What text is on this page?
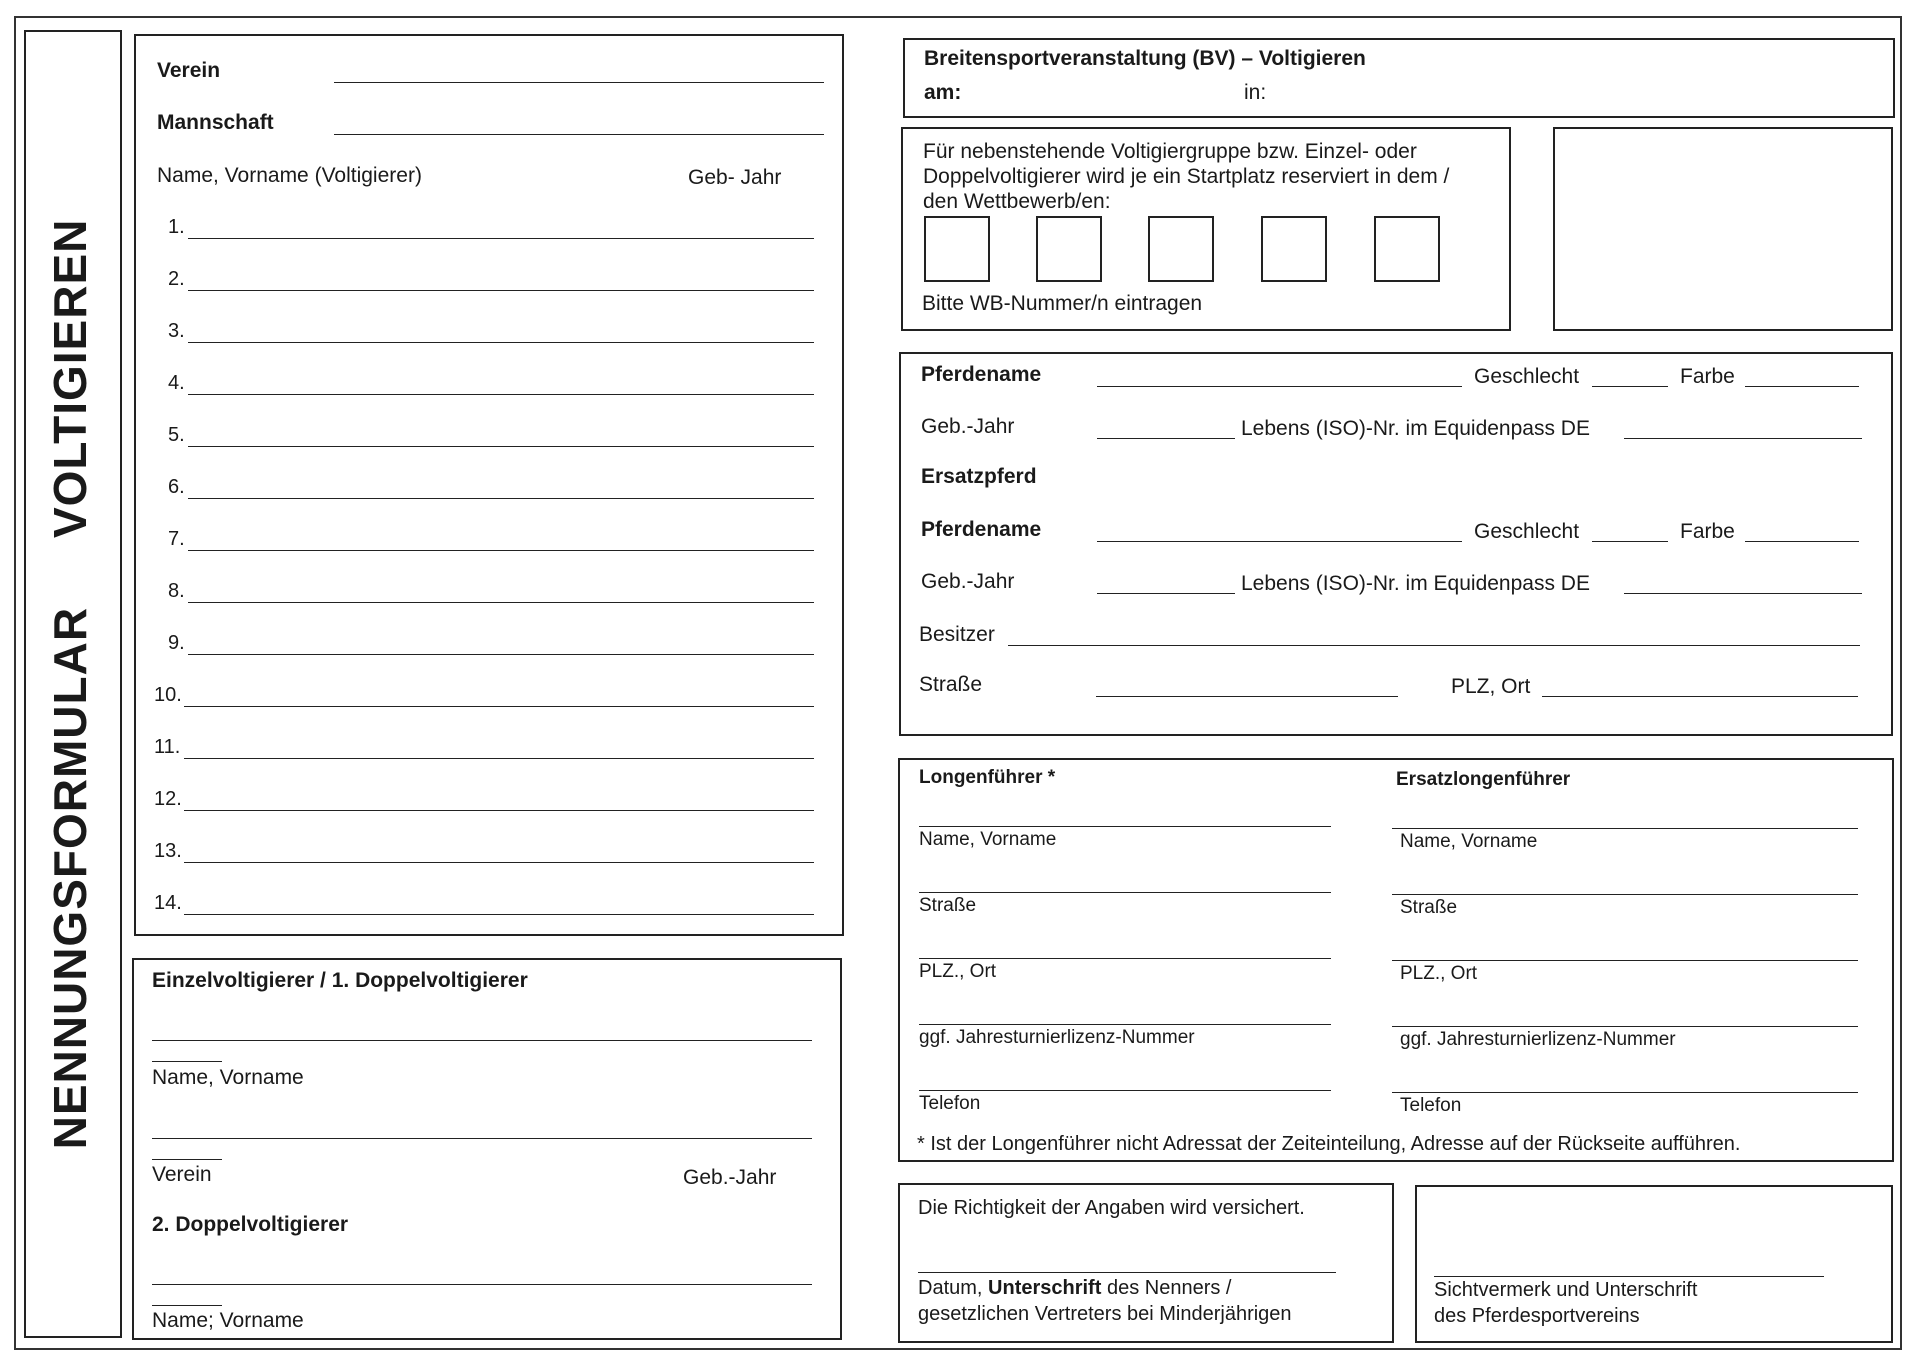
NENNUNGSFORMULAR     VOLTIGIEREN
Verein
Mannschaft
Name, Vorname (Voltigierer)	Geb- Jahr
1.
2.
3.
4.
5.
6.
7.
8.
9.
10.
11.
12.
13.
14.
Einzelvoltigierer / 1. Doppelvoltigierer
Name, Vorname
Verein	Geb.-Jahr
2. Doppelvoltigierer
Name; Vorname
Breitensportveranstaltung (BV) – Voltigieren
am:	in:
Für nebenstehende Voltigiergruppe bzw. Einzel- oder
Doppelvoltigierer wird je ein Startplatz reserviert in dem /
den Wettbewerb/en:
Bitte WB-Nummer/n eintragen
Pferdename	Geschlecht	Farbe
Geb.-Jahr	Lebens (ISO)-Nr. im Equidenpass DE
Ersatzpferd
Pferdename	Geschlecht	Farbe
Geb.-Jahr	Lebens (ISO)-Nr. im Equidenpass DE
Besitzer
Straße	PLZ, Ort
Longenführer *	Ersatzlongenführer
Name, Vorname	Name, Vorname
Straße	Straße
PLZ., Ort	PLZ., Ort
ggf. Jahresturnierlizenz-Nummer	ggf. Jahresturnierlizenz-Nummer
Telefon	Telefon
* Ist der Longenführer nicht Adressat der Zeiteinteilung, Adresse auf der Rückseite aufführen.
Die Richtigkeit der Angaben wird versichert.
Datum, Unterschrift des Nenners /
gesetzlichen Vertreters bei Minderjährigen
Sichtvermerk und Unterschrift
des Pferdesportvereins
